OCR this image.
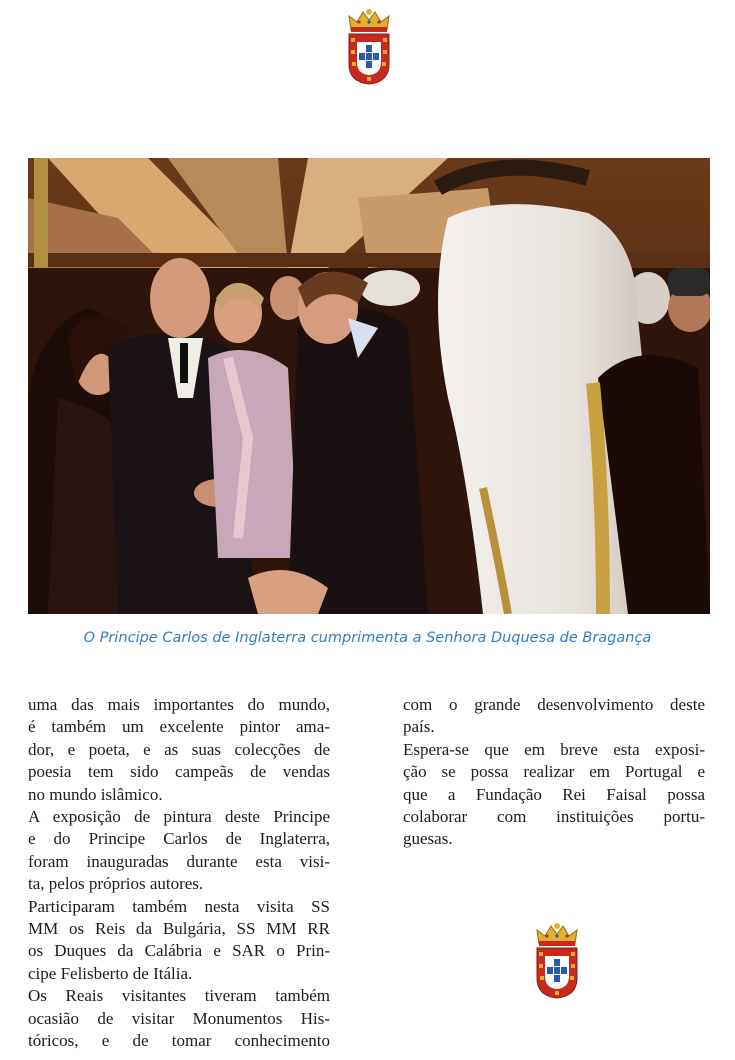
O Principe Carlos de Inglaterra cumprimenta a Senhora Duquesa de Bragança

uma das mais importantes do mundo,

é também um excelente pintor ama-

dor, e poeta, e as suas colecções de

poesia tem sido campeãs de vendas

no mundo islâmico.

A exposição de pintura deste Principe

e do Principe Carlos de Inglaterra,

foram inauguradas durante esta visi-

ta, pelos próprios autores.

Participaram também nesta visita SS

MM os Reis da Bulgária, SS MM RR

os Duques da Calábria e SAR o Prin-

cipe Felisberto de Itália.

Os Reais visitantes tiveram também

ocasião de visitar Monumentos His-

tóricos, e de tomar conhecimento

com o grande desenvolvimento deste

país.

Espera-se que em breve esta exposi-

ção se possa realizar em Portugal e

que a Fundação Rei Faisal possa

colaborar com instituições portu-

guesas.
